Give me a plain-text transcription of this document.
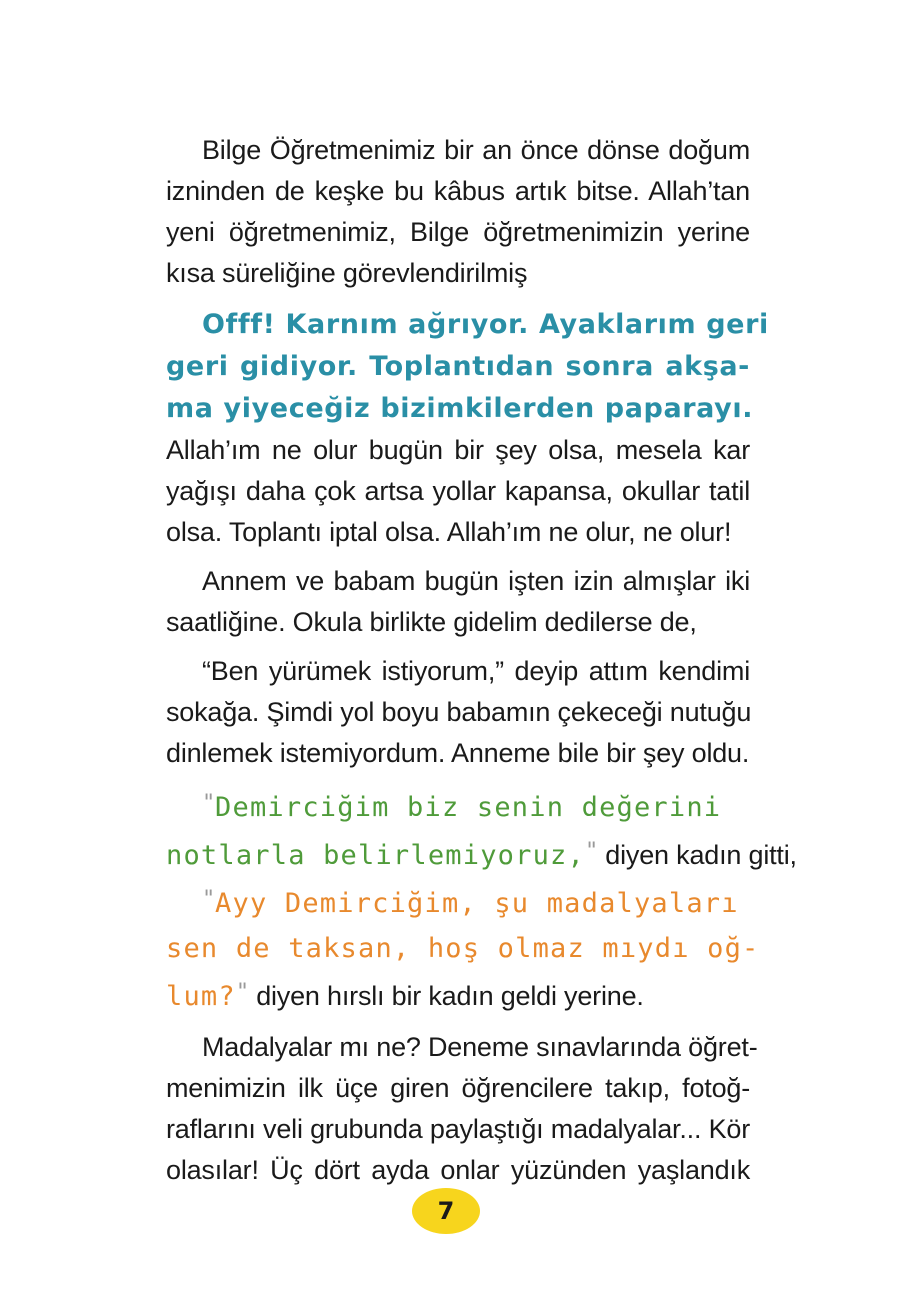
Bilge Öğretmenimiz bir an önce dönse doğum
izninden de keşke bu kâbus artık bitse. Allah’tan
yeni öğretmenimiz, Bilge öğretmenimizin yerine
kısa süreliğine görevlendirilmiş
Offf! Karnım ağrıyor. Ayaklarım geri
geri gidiyor. Toplantıdan sonra akşa-
ma yiyeceğiz bizimkilerden paparayı.
Allah’ım ne olur bugün bir şey olsa, mesela kar
yağışı daha çok artsa yollar kapansa, okullar tatil
olsa. Toplantı iptal olsa. Allah’ım ne olur, ne olur!
Annem ve babam bugün işten izin almışlar iki
saatliğine. Okula birlikte gidelim dedilerse de,
“Ben yürümek istiyorum,” deyip attım kendimi
sokağa. Şimdi yol boyu babamın çekeceği nutuğu
dinlemek istemiyordum. Anneme bile bir şey oldu.
"Demirciğim biz senin değerini
notlarla belirlemiyoruz," diyen kadın gitti,
"Ayy Demirciğim, şu madalyaları
sen de taksan, hoş olmaz mıydı oğ-
lum?" diyen hırslı bir kadın geldi yerine.
Madalyalar mı ne? Deneme sınavlarında öğret-
menimizin ilk üçe giren öğrencilere takıp, fotoğ-
raflarını veli grubunda paylaştığı madalyalar... Kör
olasılar! Üç dört ayda onlar yüzünden yaşlandık
7
